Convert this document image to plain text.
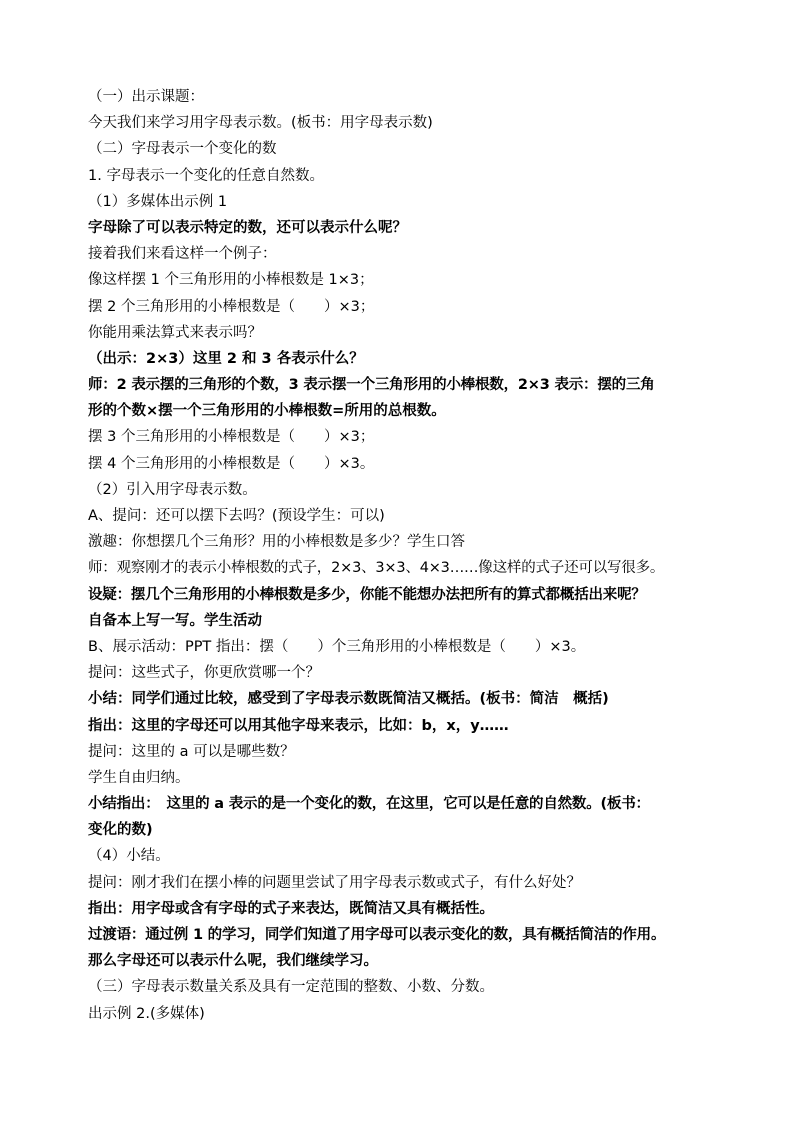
（一）出示课题：
今天我们来学习用字母表示数。(板书：用字母表示数)
（二）字母表示一个变化的数
1. 字母表示一个变化的任意自然数。
（1）多媒体出示例 1
字母除了可以表示特定的数，还可以表示什么呢？
接着我们来看这样一个例子：
像这样摆 1 个三角形用的小棒根数是 1×3；
摆 2 个三角形用的小棒根数是（　　）×3；
你能用乘法算式来表示吗？
（出示：2×3）这里 2 和 3 各表示什么？
师：2 表示摆的三角形的个数，3 表示摆一个三角形用的小棒根数，2×3 表示：摆的三角
形的个数×摆一个三角形用的小棒根数=所用的总根数。
摆 3 个三角形用的小棒根数是（　　）×3；
摆 4 个三角形用的小棒根数是（　　）×3。
（2）引入用字母表示数。
A、提问：还可以摆下去吗？(预设学生：可以)
激趣：你想摆几个三角形？用的小棒根数是多少？学生口答
师：观察刚才的表示小棒根数的式子，2×3、3×3、4×3……像这样的式子还可以写很多。
设疑：摆几个三角形用的小棒根数是多少，你能不能想办法把所有的算式都概括出来呢？
自备本上写一写。学生活动
B、展示活动：PPT 指出：摆（　　）个三角形用的小棒根数是（　　）×3。
提问：这些式子，你更欣赏哪一个？
小结：同学们通过比较，感受到了字母表示数既简洁又概括。(板书：简洁　概括)
指出：这里的字母还可以用其他字母来表示，比如：b，x，y……
提问：这里的 a 可以是哪些数？
学生自由归纳。
小结指出：　这里的 a 表示的是一个变化的数，在这里，它可以是任意的自然数。(板书：
变化的数)
（4）小结。
提问：刚才我们在摆小棒的问题里尝试了用字母表示数或式子，有什么好处？
指出：用字母或含有字母的式子来表达，既简洁又具有概括性。
过渡语：通过例 1 的学习，同学们知道了用字母可以表示变化的数，具有概括简洁的作用。
那么字母还可以表示什么呢，我们继续学习。
（三）字母表示数量关系及具有一定范围的整数、小数、分数。
出示例 2.(多媒体)
